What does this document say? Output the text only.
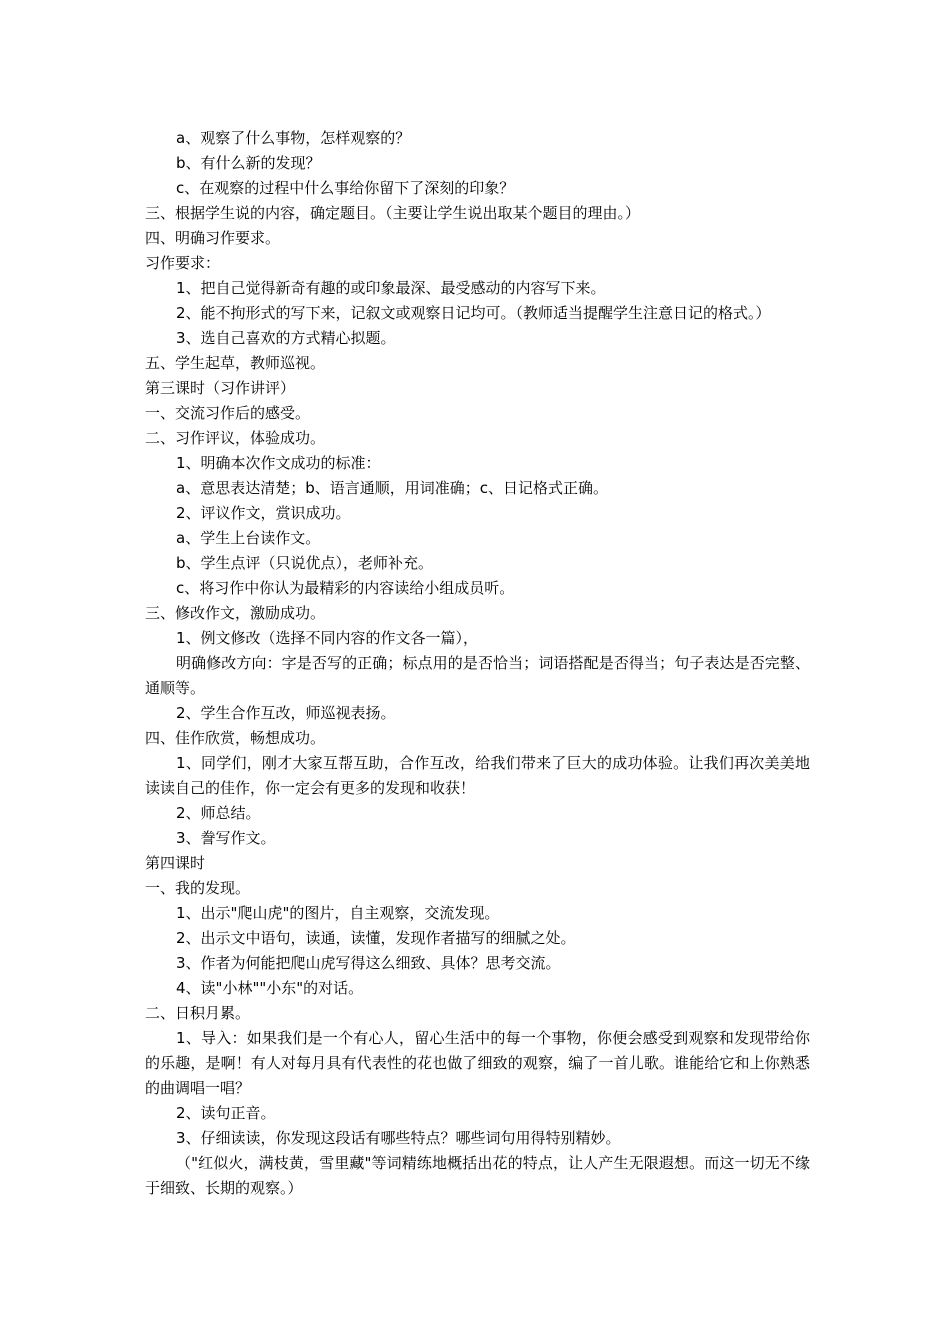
a、观察了什么事物，怎样观察的？
b、有什么新的发现？
c、在观察的过程中什么事给你留下了深刻的印象？
三、根据学生说的内容，确定题目。（主要让学生说出取某个题目的理由。）
四、明确习作要求。
习作要求：
1、把自己觉得新奇有趣的或印象最深、最受感动的内容写下来。
2、能不拘形式的写下来，记叙文或观察日记均可。（教师适当提醒学生注意日记的格式。）
3、选自己喜欢的方式精心拟题。
五、学生起草，教师巡视。
第三课时（习作讲评）
一、交流习作后的感受。
二、习作评议，体验成功。
1、明确本次作文成功的标准：
a、意思表达清楚；b、语言通顺，用词准确；c、日记格式正确。
2、评议作文，赏识成功。
a、学生上台读作文。
b、学生点评（只说优点），老师补充。
c、将习作中你认为最精彩的内容读给小组成员听。
三、修改作文，激励成功。
1、例文修改（选择不同内容的作文各一篇），
明确修改方向：字是否写的正确；标点用的是否恰当；词语搭配是否得当；句子表达是否完整、通顺等。
2、学生合作互改，师巡视表扬。
四、佳作欣赏，畅想成功。
1、同学们，刚才大家互帮互助，合作互改，给我们带来了巨大的成功体验。让我们再次美美地读读自己的佳作，你一定会有更多的发现和收获！
2、师总结。
3、誊写作文。
第四课时
一、我的发现。
1、出示"爬山虎"的图片，自主观察，交流发现。
2、出示文中语句，读通，读懂，发现作者描写的细腻之处。
3、作者为何能把爬山虎写得这么细致、具体？思考交流。
4、读"小林""小东"的对话。
二、日积月累。
1、导入：如果我们是一个有心人，留心生活中的每一个事物，你便会感受到观察和发现带给你的乐趣，是啊！有人对每月具有代表性的花也做了细致的观察，编了一首儿歌。谁能给它和上你熟悉的曲调唱一唱？
2、读句正音。
3、仔细读读，你发现这段话有哪些特点？哪些词句用得特别精妙。
（"红似火，满枝黄，雪里藏"等词精练地概括出花的特点，让人产生无限遐想。而这一切无不缘于细致、长期的观察。）
